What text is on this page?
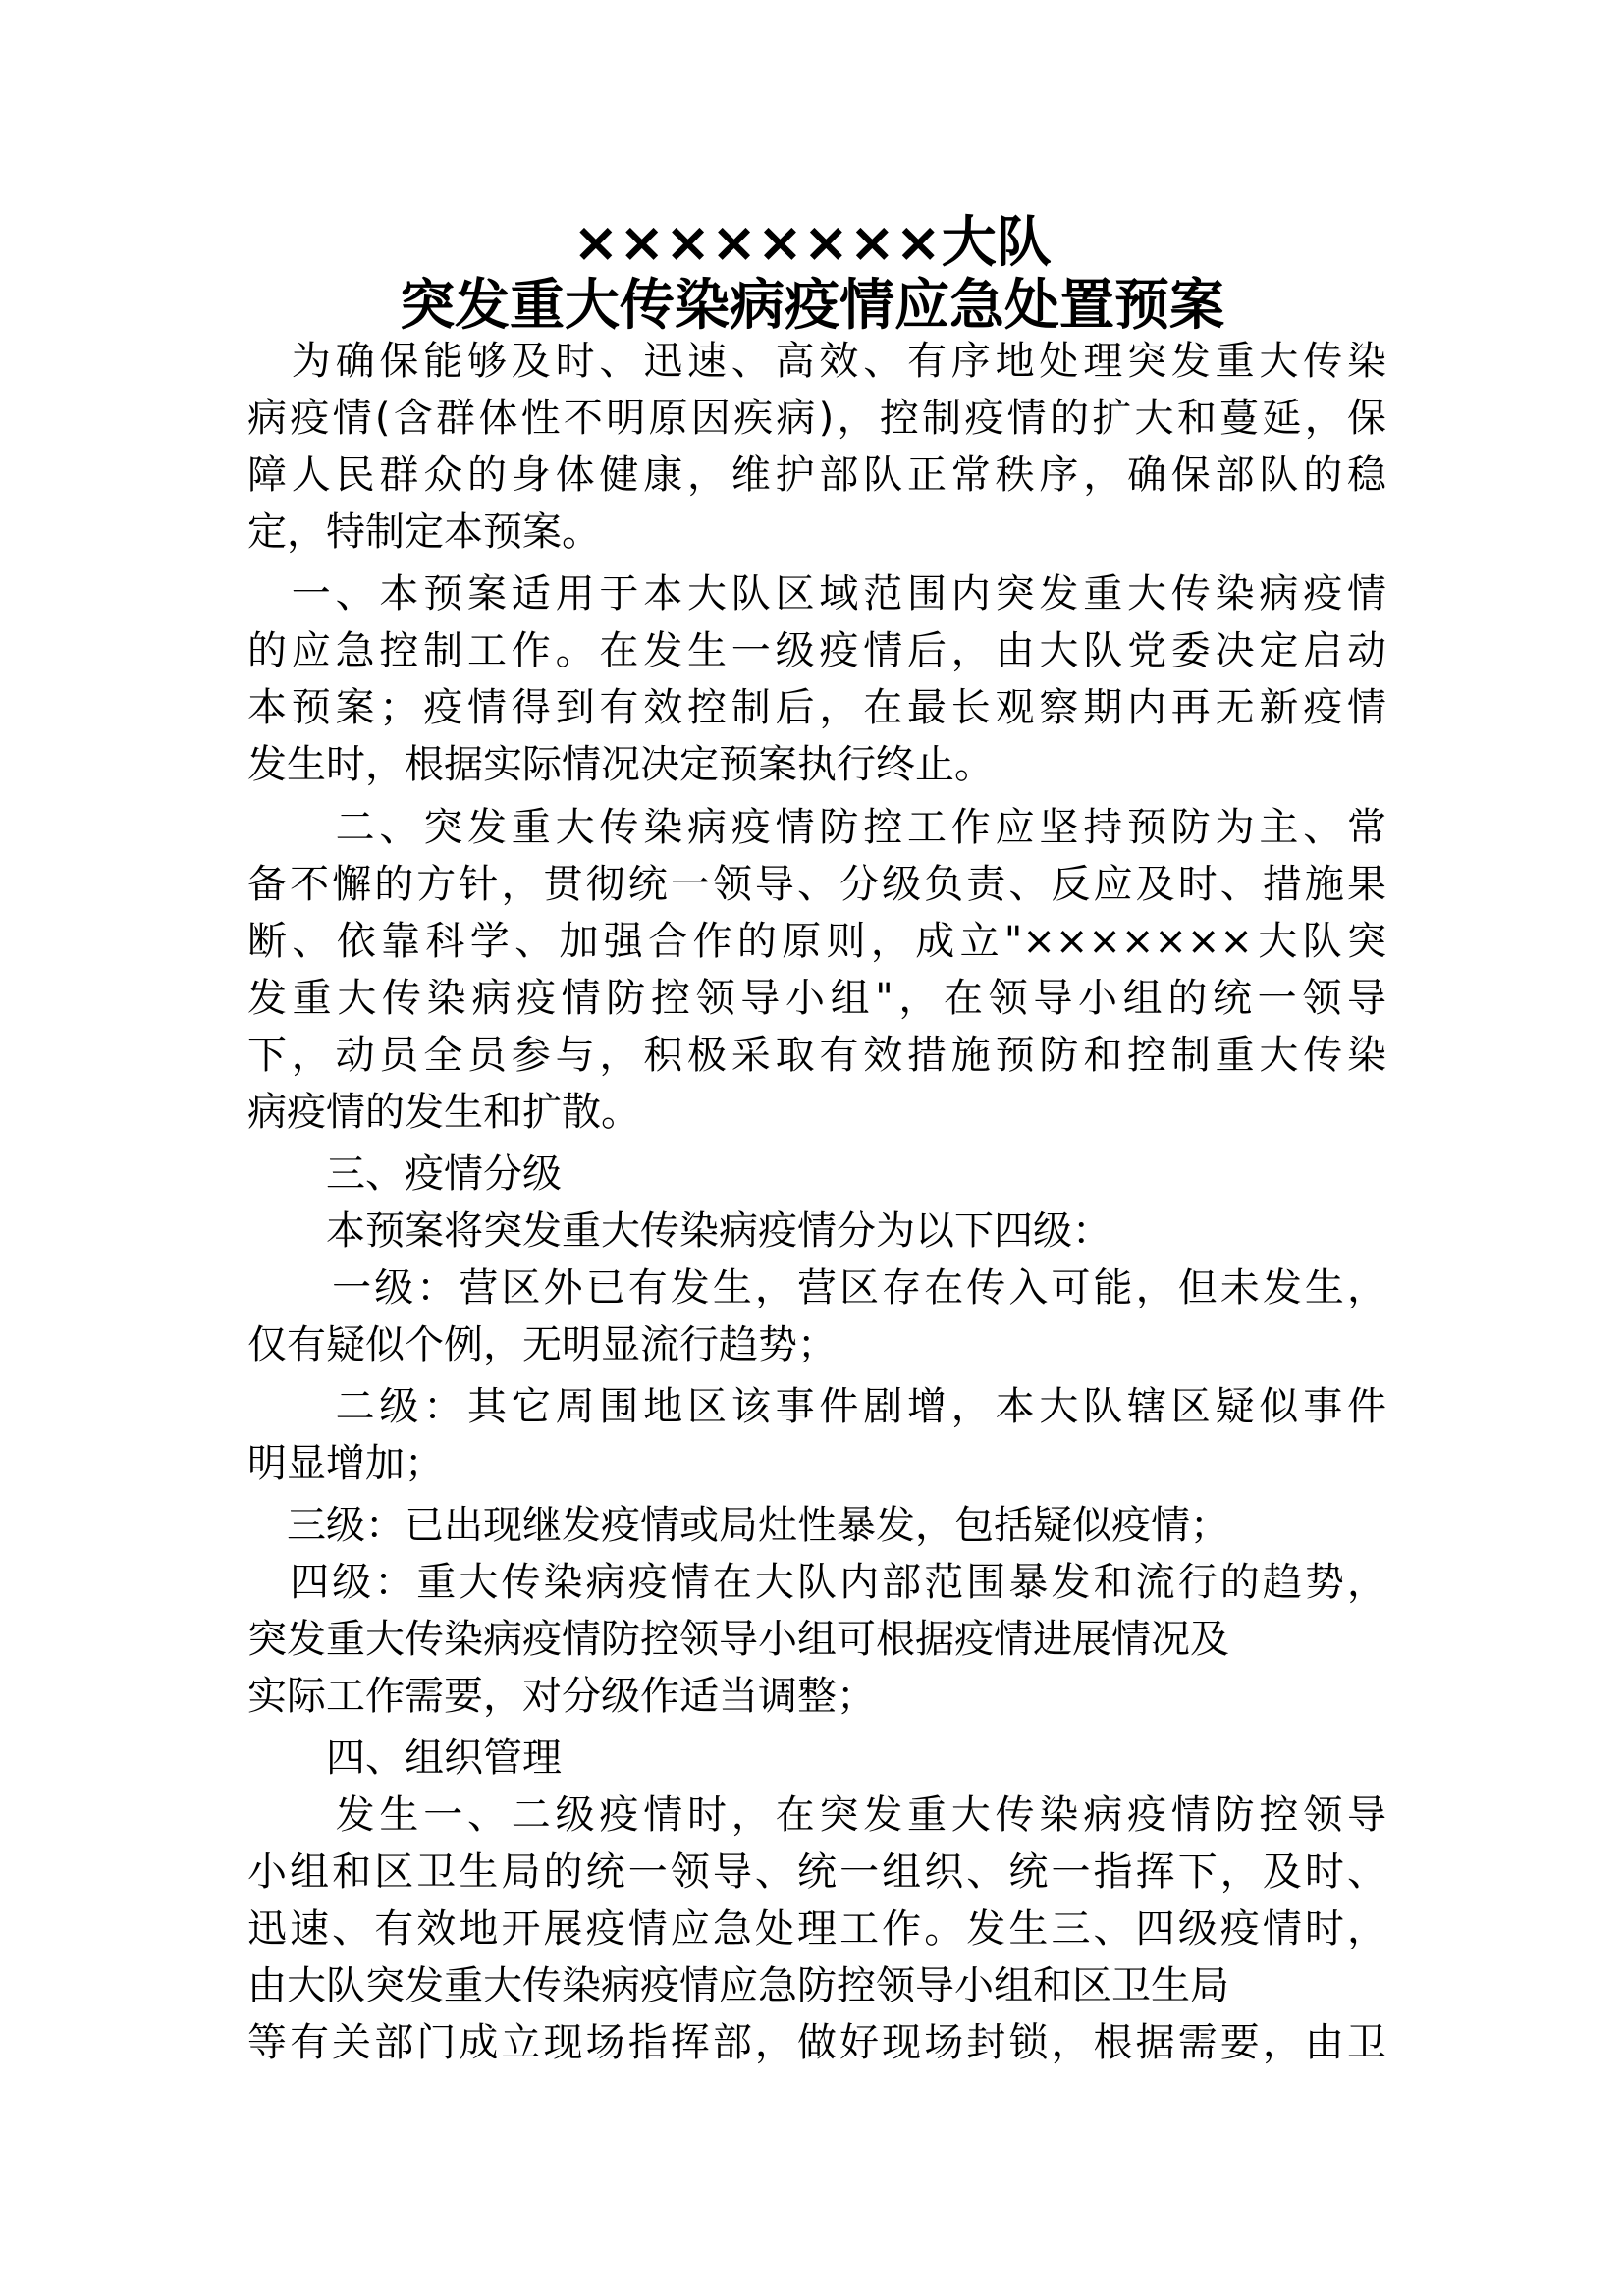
××××××××大队
突发重大传染病疫情应急处置预案
　为确保能够及时、迅速、高效、有序地处理突发重大传染
病疫情(含群体性不明原因疾病)，控制疫情的扩大和蔓延，保
障人民群众的身体健康，维护部队正常秩序，确保部队的稳
定，特制定本预案。
　一、本预案适用于本大队区域范围内突发重大传染病疫情
的应急控制工作。在发生一级疫情后，由大队党委决定启动
本预案；疫情得到有效控制后，在最长观察期内再无新疫情
发生时，根据实际情况决定预案执行终止。
　　二、突发重大传染病疫情防控工作应坚持预防为主、常
备不懈的方针，贯彻统一领导、分级负责、反应及时、措施果
断、依靠科学、加强合作的原则，成立"×××××××大队突
发重大传染病疫情防控领导小组"，在领导小组的统一领导
下，动员全员参与，积极采取有效措施预防和控制重大传染
病疫情的发生和扩散。
　　三、疫情分级
　　本预案将突发重大传染病疫情分为以下四级：
　　一级：营区外已有发生，营区存在传入可能，但未发生，
仅有疑似个例，无明显流行趋势；
　　二级：其它周围地区该事件剧增，本大队辖区疑似事件
明显增加；
　三级：已出现继发疫情或局灶性暴发，包括疑似疫情；
　四级：重大传染病疫情在大队内部范围暴发和流行的趋势，
突发重大传染病疫情防控领导小组可根据疫情进展情况及
实际工作需要，对分级作适当调整；
　　四、组织管理
　　发生一、二级疫情时，在突发重大传染病疫情防控领导
小组和区卫生局的统一领导、统一组织、统一指挥下，及时、
迅速、有效地开展疫情应急处理工作。发生三、四级疫情时，
由大队突发重大传染病疫情应急防控领导小组和区卫生局
等有关部门成立现场指挥部，做好现场封锁，根据需要，由卫
